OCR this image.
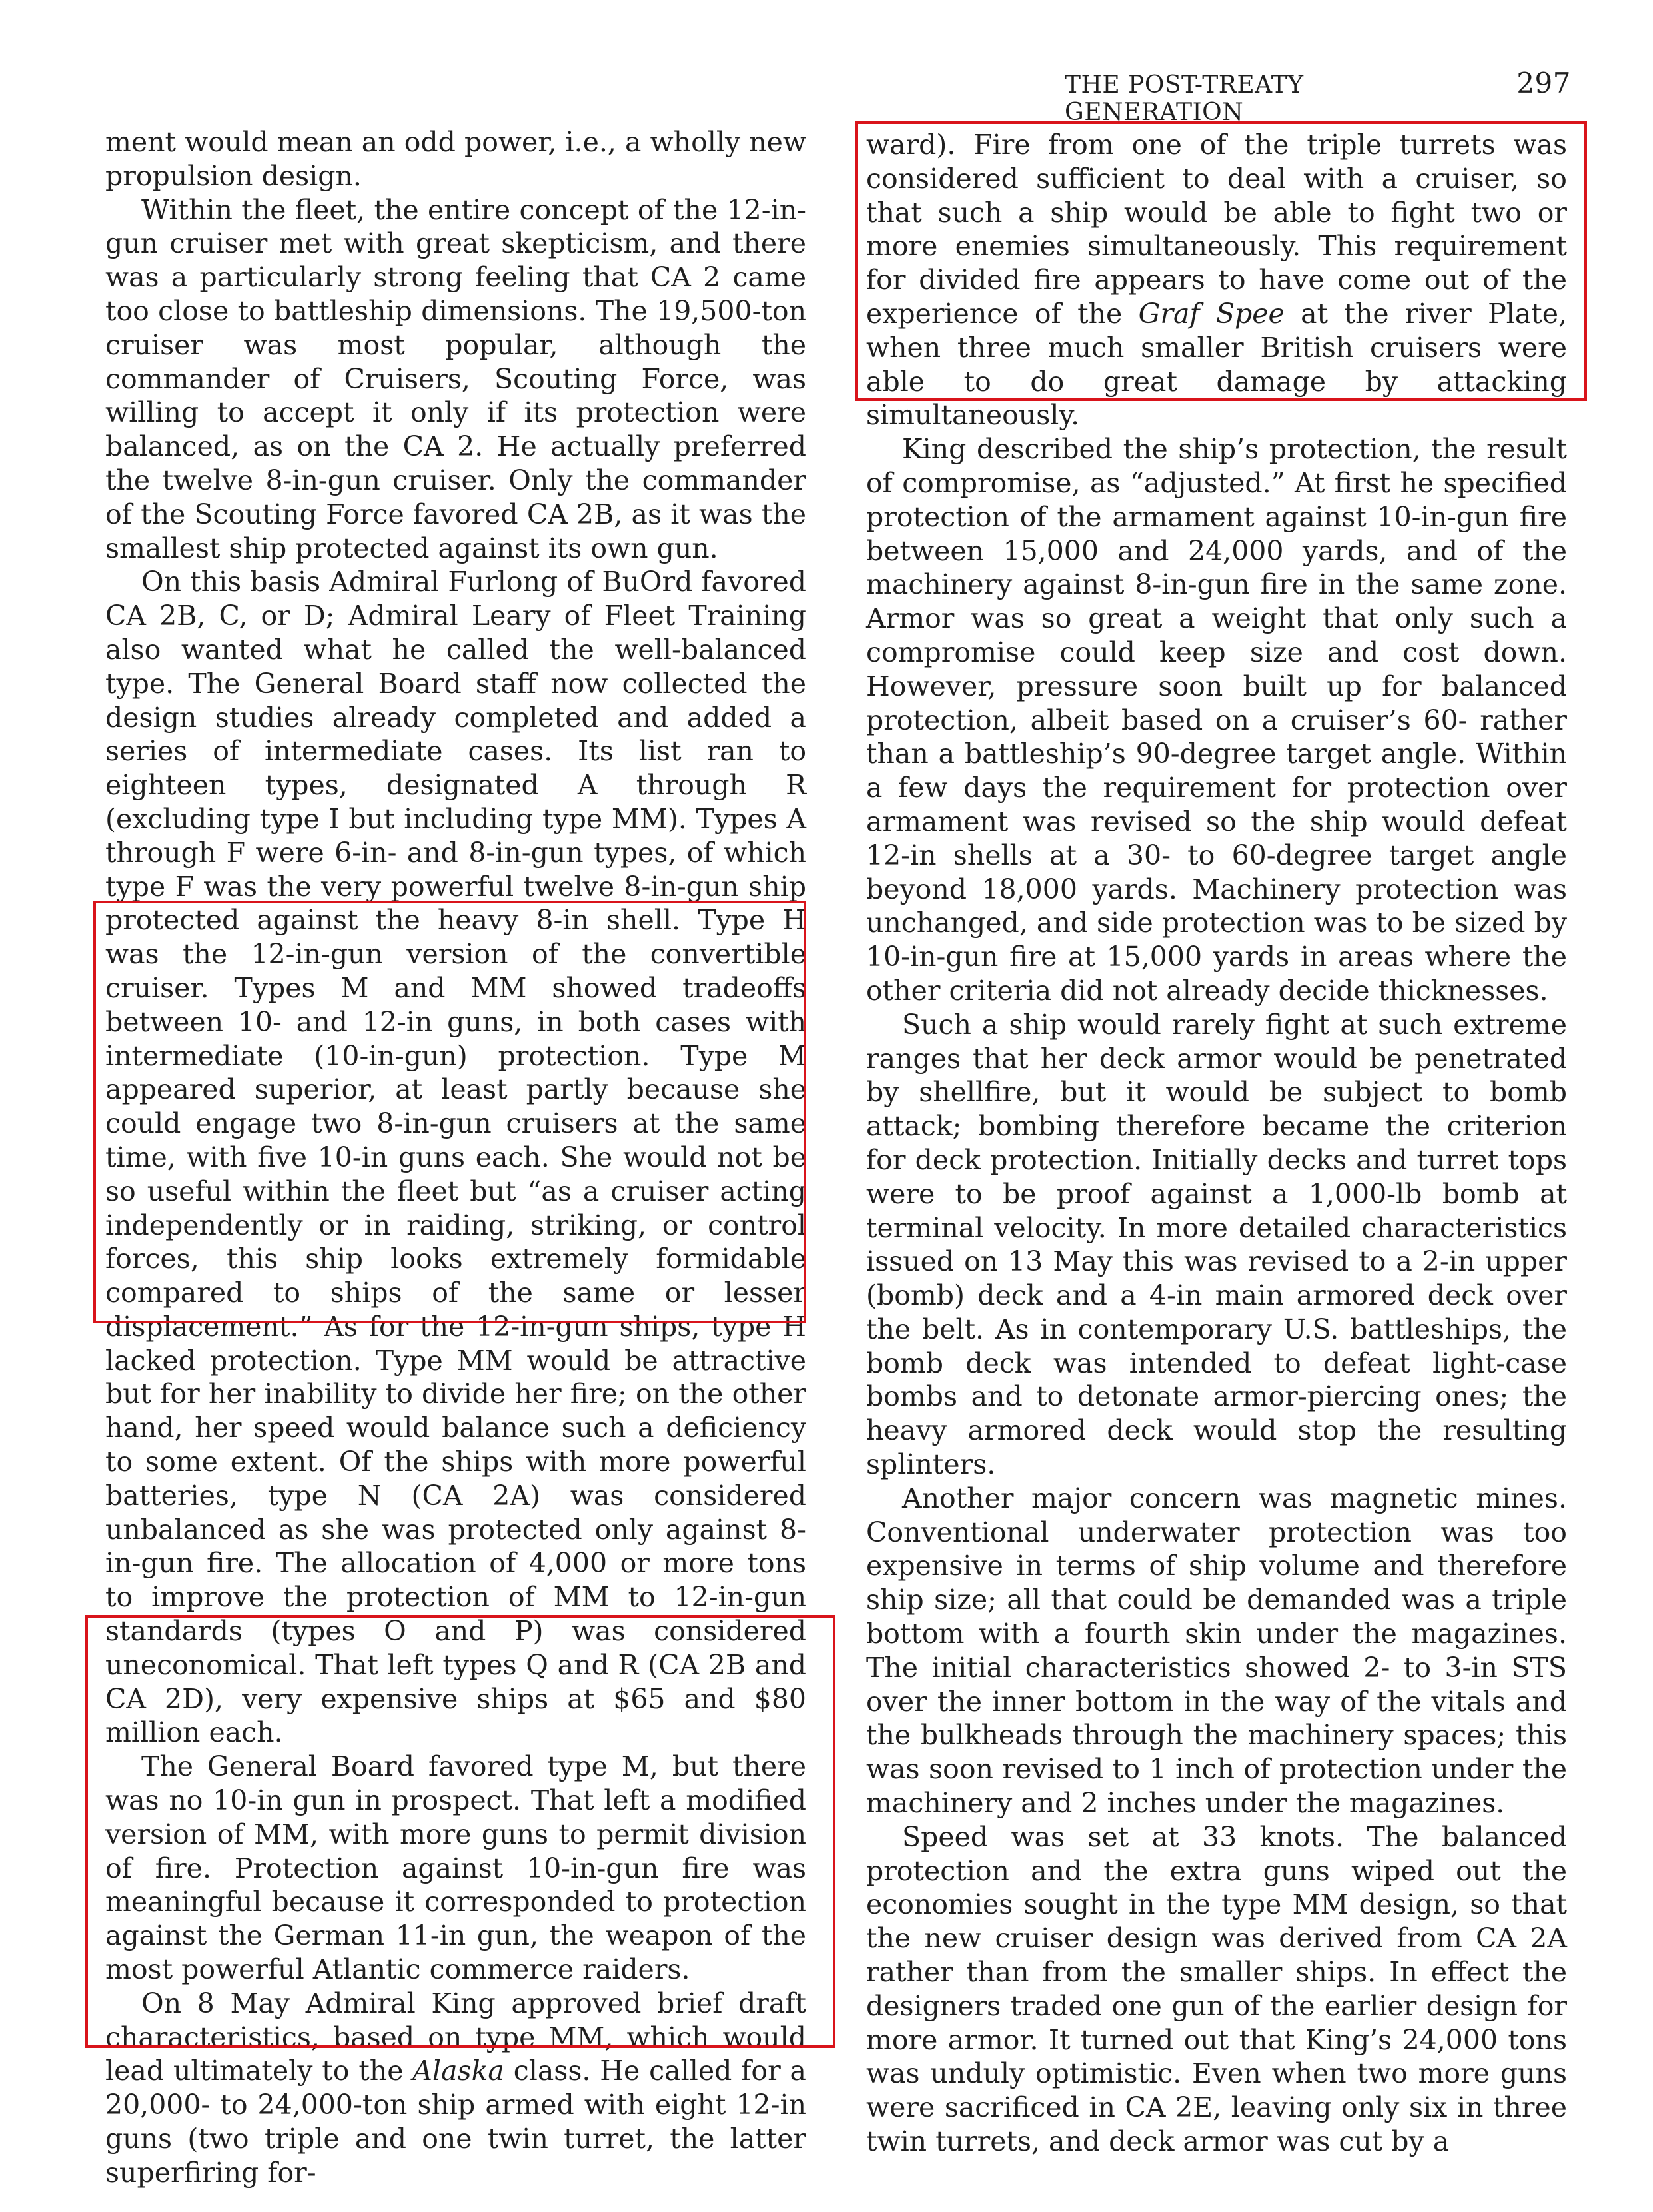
THE POST-TREATY GENERATION
297

ment would mean an odd power, i.e., a wholly new propulsion design.

Within the fleet, the entire concept of the 12-in-gun cruiser met with great skepticism, and there was a particularly strong feeling that CA 2 came too close to battleship dimensions. The 19,500-ton cruiser was most popular, although the commander of Cruisers, Scouting Force, was willing to accept it only if its protection were balanced, as on the CA 2. He actually preferred the twelve 8-in-gun cruiser. Only the commander of the Scouting Force favored CA 2B, as it was the smallest ship protected against its own gun.

On this basis Admiral Furlong of BuOrd favored CA 2B, C, or D; Admiral Leary of Fleet Training also wanted what he called the well-balanced type. The General Board staff now collected the design studies already completed and added a series of intermediate cases. Its list ran to eighteen types, designated A through R (excluding type I but including type MM). Types A through F were 6-in- and 8-in-gun types, of which type F was the very powerful twelve 8-in-gun ship protected against the heavy 8-in shell. Type H was the 12-in-gun version of the convertible cruiser. Types M and MM showed tradeoffs between 10- and 12-in guns, in both cases with intermediate (10-in-gun) protection. Type M appeared superior, at least partly because she could engage two 8-in-gun cruisers at the same time, with five 10-in guns each. She would not be so useful within the fleet but “as a cruiser acting independently or in raiding, striking, or control forces, this ship looks extremely formidable compared to ships of the same or lesser displacement.” As for the 12-in-gun ships, type H lacked protection. Type MM would be attractive but for her inability to divide her fire; on the other hand, her speed would balance such a deficiency to some extent. Of the ships with more powerful batteries, type N (CA 2A) was considered unbalanced as she was protected only against 8-in-gun fire. The allocation of 4,000 or more tons to improve the protection of MM to 12-in-gun standards (types O and P) was considered uneconomical. That left types Q and R (CA 2B and CA 2D), very expensive ships at $65 and $80 million each.

The General Board favored type M, but there was no 10-in gun in prospect. That left a modified version of MM, with more guns to permit division of fire. Protection against 10-in-gun fire was meaningful because it corresponded to protection against the German 11-in gun, the weapon of the most powerful Atlantic commerce raiders.

On 8 May Admiral King approved brief draft characteristics, based on type MM, which would lead ultimately to the Alaska class. He called for a 20,000- to 24,000-ton ship armed with eight 12-in guns (two triple and one twin turret, the latter superfiring for-

ward). Fire from one of the triple turrets was considered sufficient to deal with a cruiser, so that such a ship would be able to fight two or more enemies simultaneously. This requirement for divided fire appears to have come out of the experience of the Graf Spee at the river Plate, when three much smaller British cruisers were able to do great damage by attacking simultaneously.

King described the ship’s protection, the result of compromise, as “adjusted.” At first he specified protection of the armament against 10-in-gun fire between 15,000 and 24,000 yards, and of the machinery against 8-in-gun fire in the same zone. Armor was so great a weight that only such a compromise could keep size and cost down. However, pressure soon built up for balanced protection, albeit based on a cruiser’s 60- rather than a battleship’s 90-degree target angle. Within a few days the requirement for protection over armament was revised so the ship would defeat 12-in shells at a 30- to 60-degree target angle beyond 18,000 yards. Machinery protection was unchanged, and side protection was to be sized by 10-in-gun fire at 15,000 yards in areas where the other criteria did not already decide thicknesses.

Such a ship would rarely fight at such extreme ranges that her deck armor would be penetrated by shellfire, but it would be subject to bomb attack; bombing therefore became the criterion for deck protection. Initially decks and turret tops were to be proof against a 1,000-lb bomb at terminal velocity. In more detailed characteristics issued on 13 May this was revised to a 2-in upper (bomb) deck and a 4-in main armored deck over the belt. As in contemporary U.S. battleships, the bomb deck was intended to defeat light-case bombs and to detonate armor-piercing ones; the heavy armored deck would stop the resulting splinters.

Another major concern was magnetic mines. Conventional underwater protection was too expensive in terms of ship volume and therefore ship size; all that could be demanded was a triple bottom with a fourth skin under the magazines. The initial characteristics showed 2- to 3-in STS over the inner bottom in the way of the vitals and the bulkheads through the machinery spaces; this was soon revised to 1 inch of protection under the machinery and 2 inches under the magazines.

Speed was set at 33 knots. The balanced protection and the extra guns wiped out the economies sought in the type MM design, so that the new cruiser design was derived from CA 2A rather than from the smaller ships. In effect the designers traded one gun of the earlier design for more armor. It turned out that King’s 24,000 tons was unduly optimistic. Even when two more guns were sacrificed in CA 2E, leaving only six in three twin turrets, and deck armor was cut by a
